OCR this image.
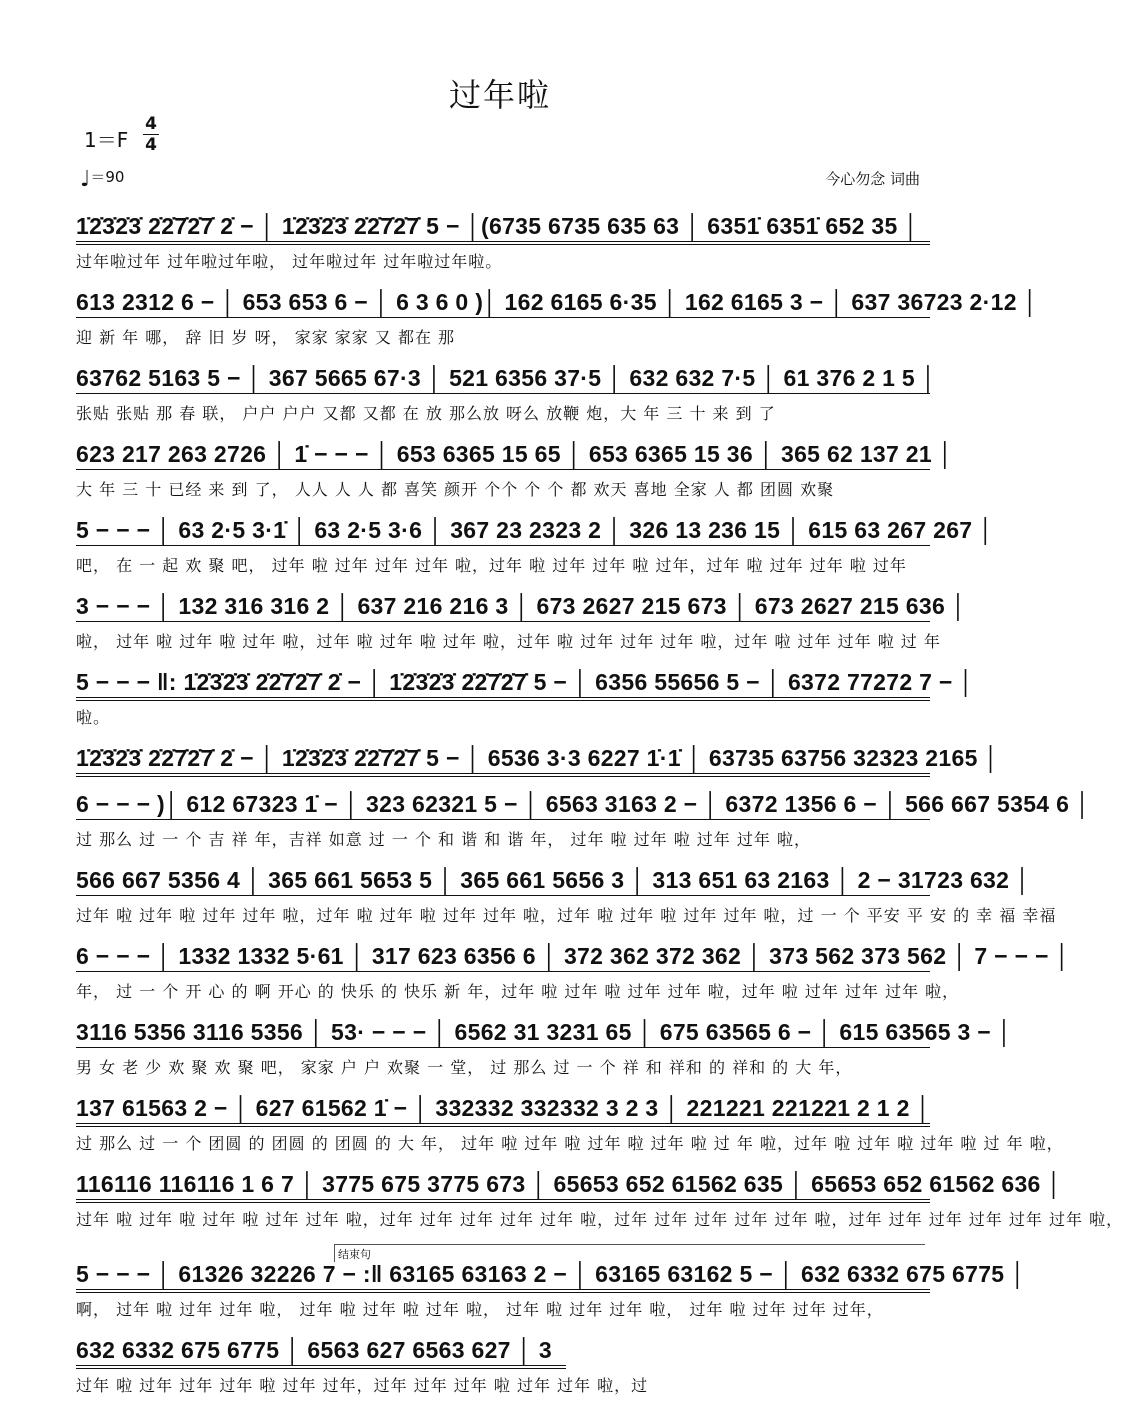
过年啦
1＝F
4
4
♩＝90	今心勿念 词曲
1̇2̇3̇2̇3̇ 2̇2̇7̇2̇7̇ 2̇ − │ 1̇2̇3̇2̇3̇ 2̇2̇7̇2̇7̇ 5 − │(6735 6735 635 63 │ 6351̇ 6351̇ 652 35 │
过年啦过年 过年啦过年啦， 过年啦过年 过年啦过年啦。
613 2312 6 − │ 653 653 6 − │ 6 3 6 0 )│ 162 6165 6·35 │ 162 6165 3 − │ 637 36723 2·12 │
迎 新 年 哪， 辞 旧 岁 呀， 家家 家家 又 都在 那
63762 5163 5 − │ 367 5665 67·3 │ 521 6356 37·5 │ 632 632 7·5 │ 61 376 2 1 5 │
张贴 张贴 那 春 联， 户户 户户 又都 又都 在 放 那么放 呀么 放鞭 炮，大 年 三 十 来 到 了
623 217 263 2726 │ 1̇ − − − │ 653 6365 15 65 │ 653 6365 15 36 │ 365 62 137 21 │
大 年 三 十 已经 来 到 了， 人人 人 人 都 喜笑 颜开 个个 个 个 都 欢天 喜地 全家 人 都 团圆 欢聚
5 − − − │ 63 2·5 3·1̇ │ 63 2·5 3·6 │ 367 23 2323 2 │ 326 13 236 15 │ 615 63 267 267 │
吧， 在 一 起 欢 聚 吧， 过年 啦 过年 过年 过年 啦，过年 啦 过年 过年 啦 过年，过年 啦 过年 过年 啦 过年
3 − − − │ 132 316 316 2 │ 637 216 216 3 │ 673 2627 215 673 │ 673 2627 215 636 │
啦， 过年 啦 过年 啦 过年 啦，过年 啦 过年 啦 过年 啦，过年 啦 过年 过年 过年 啦，过年 啦 过年 过年 啦 过 年
5 − − − ‖: 1̇2̇3̇2̇3̇ 2̇2̇7̇2̇7̇ 2̇ − │ 1̇2̇3̇2̇3̇ 2̇2̇7̇2̇7̇ 5 − │ 6356 55656 5 − │ 6372 77272 7 − │
啦。
1̇2̇3̇2̇3̇ 2̇2̇7̇2̇7̇ 2̇ − │ 1̇2̇3̇2̇3̇ 2̇2̇7̇2̇7̇ 5 − │ 6536 3·3 6227 1̇·1̇ │ 63735 63756 32323 2165 │
6 − − − )│ 612 67323 1̇ − │ 323 62321 5 − │ 6563 3163 2 − │ 6372 1356 6 − │ 566 667 5354 6 │
过 那么 过 一 个 吉 祥 年，吉祥 如意 过 一 个 和 谐 和 谐 年， 过年 啦 过年 啦 过年 过年 啦，
566 667 5356 4 │ 365 661 5653 5 │ 365 661 5656 3 │ 313 651 63 2163 │ 2 − 31723 632 │
过年 啦 过年 啦 过年 过年 啦，过年 啦 过年 啦 过年 过年 啦，过年 啦 过年 啦 过年 过年 啦，过 一 个 平安 平 安 的 幸 福 幸福
6 − − − │ 1332 1332 5·61 │ 317 623 6356 6 │ 372 362 372 362 │ 373 562 373 562 │ 7 − − − │
年， 过 一 个 开 心 的 啊 开心 的 快乐 的 快乐 新 年，过年 啦 过年 啦 过年 过年 啦，过年 啦 过年 过年 过年 啦，
3116 5356 3116 5356 │ 53· − − − │ 6562 31 3231 65 │ 675 63565 6 − │ 615 63565 3 − │
男 女 老 少 欢 聚 欢 聚 吧， 家家 户 户 欢聚 一 堂， 过 那么 过 一 个 祥 和 祥和 的 祥和 的 大 年，
137 61563 2 − │ 627 61562 1̇ − │ 332332 332332 3 2 3 │ 221221 221221 2 1 2 │
过 那么 过 一 个 团圆 的 团圆 的 团圆 的 大 年， 过年 啦 过年 啦 过年 啦 过年 啦 过 年 啦，过年 啦 过年 啦 过年 啦 过 年 啦，
116116 116116 1 6 7 │ 3775 675 3775 673 │ 65653 652 61562 635 │ 65653 652 61562 636 │
过年 啦 过年 啦 过年 啦 过年 过年 啦，过年 过年 过年 过年 过年 啦，过年 过年 过年 过年 过年 啦，过年 过年 过年 过年 过年 过年 啦，
结束句
5 − − − │ 61326 32226 7 − :‖ 63165 63163 2 − │ 63165 63162 5 − │ 632 6332 675 6775 │
啊， 过年 啦 过年 过年 啦， 过年 啦 过年 啦 过年 啦， 过年 啦 过年 过年 啦， 过年 啦 过年 过年 过年，
632 6332 675 6775 │ 6563 627 6563 627 │ 3
过年 啦 过年 过年 过年 啦 过年 过年，过年 过年 过年 啦 过年 过年 啦，过
